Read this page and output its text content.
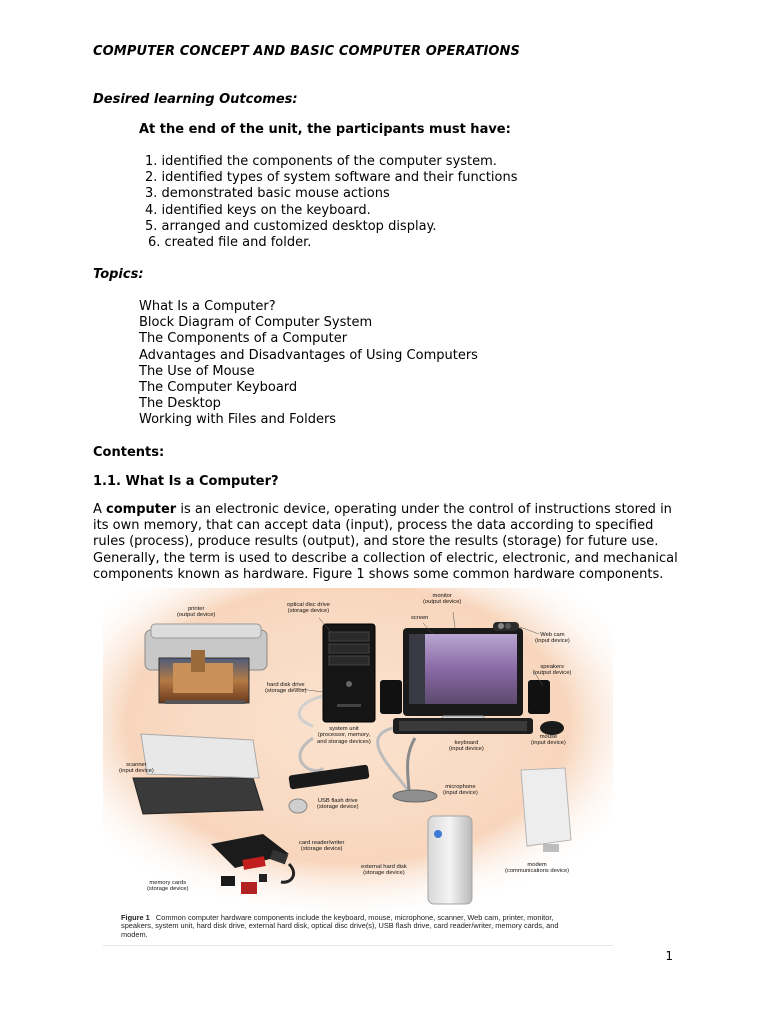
COMPUTER CONCEPT AND BASIC COMPUTER OPERATIONS
Desired learning Outcomes:
At the end of the unit, the participants must have:
1. identified the components of the computer system.
2. identified types of system software and their functions
3. demonstrated basic mouse actions
4. identified keys on the keyboard.
5. arranged and customized desktop display.
6. created file and folder.
Topics:
What Is a Computer?
Block Diagram of Computer System
The Components of a Computer
Advantages and Disadvantages of Using Computers
The Use of Mouse
The Computer Keyboard
The Desktop
Working with Files and Folders
Contents:
1.1. What Is a Computer?
A computer is an electronic device, operating under the control of instructions stored in its own memory, that can accept data (input), process the data according to specified rules (process), produce results (output), and store the results (storage) for future use. Generally, the term is used to describe a collection of electric, electronic, and mechanical components known as hardware. Figure 1 shows some common hardware components.
printer
(output device)
optical disc drive
(storage device)
monitor
(output device)
screen
Web cam
(input device)
speakers
(output device)
hard disk drive
(storage device)
system unit
(processor, memory,
and storage devices)	keyboard
(input device)
mouse
(input device)
scanner
(input device)
microphone
(input device)
USB flash drive
(storage device)
card reader/writer
(storage device)
external hard disk
(storage device)
modem
(communications device)
memory cards
(storage device)
Figure 1 Common computer hardware components include the keyboard, mouse, microphone, scanner, Web cam, printer, monitor, speakers, system unit, hard disk drive, external hard disk, optical disc drive(s), USB flash drive, card reader/writer, memory cards, and modem.
1
